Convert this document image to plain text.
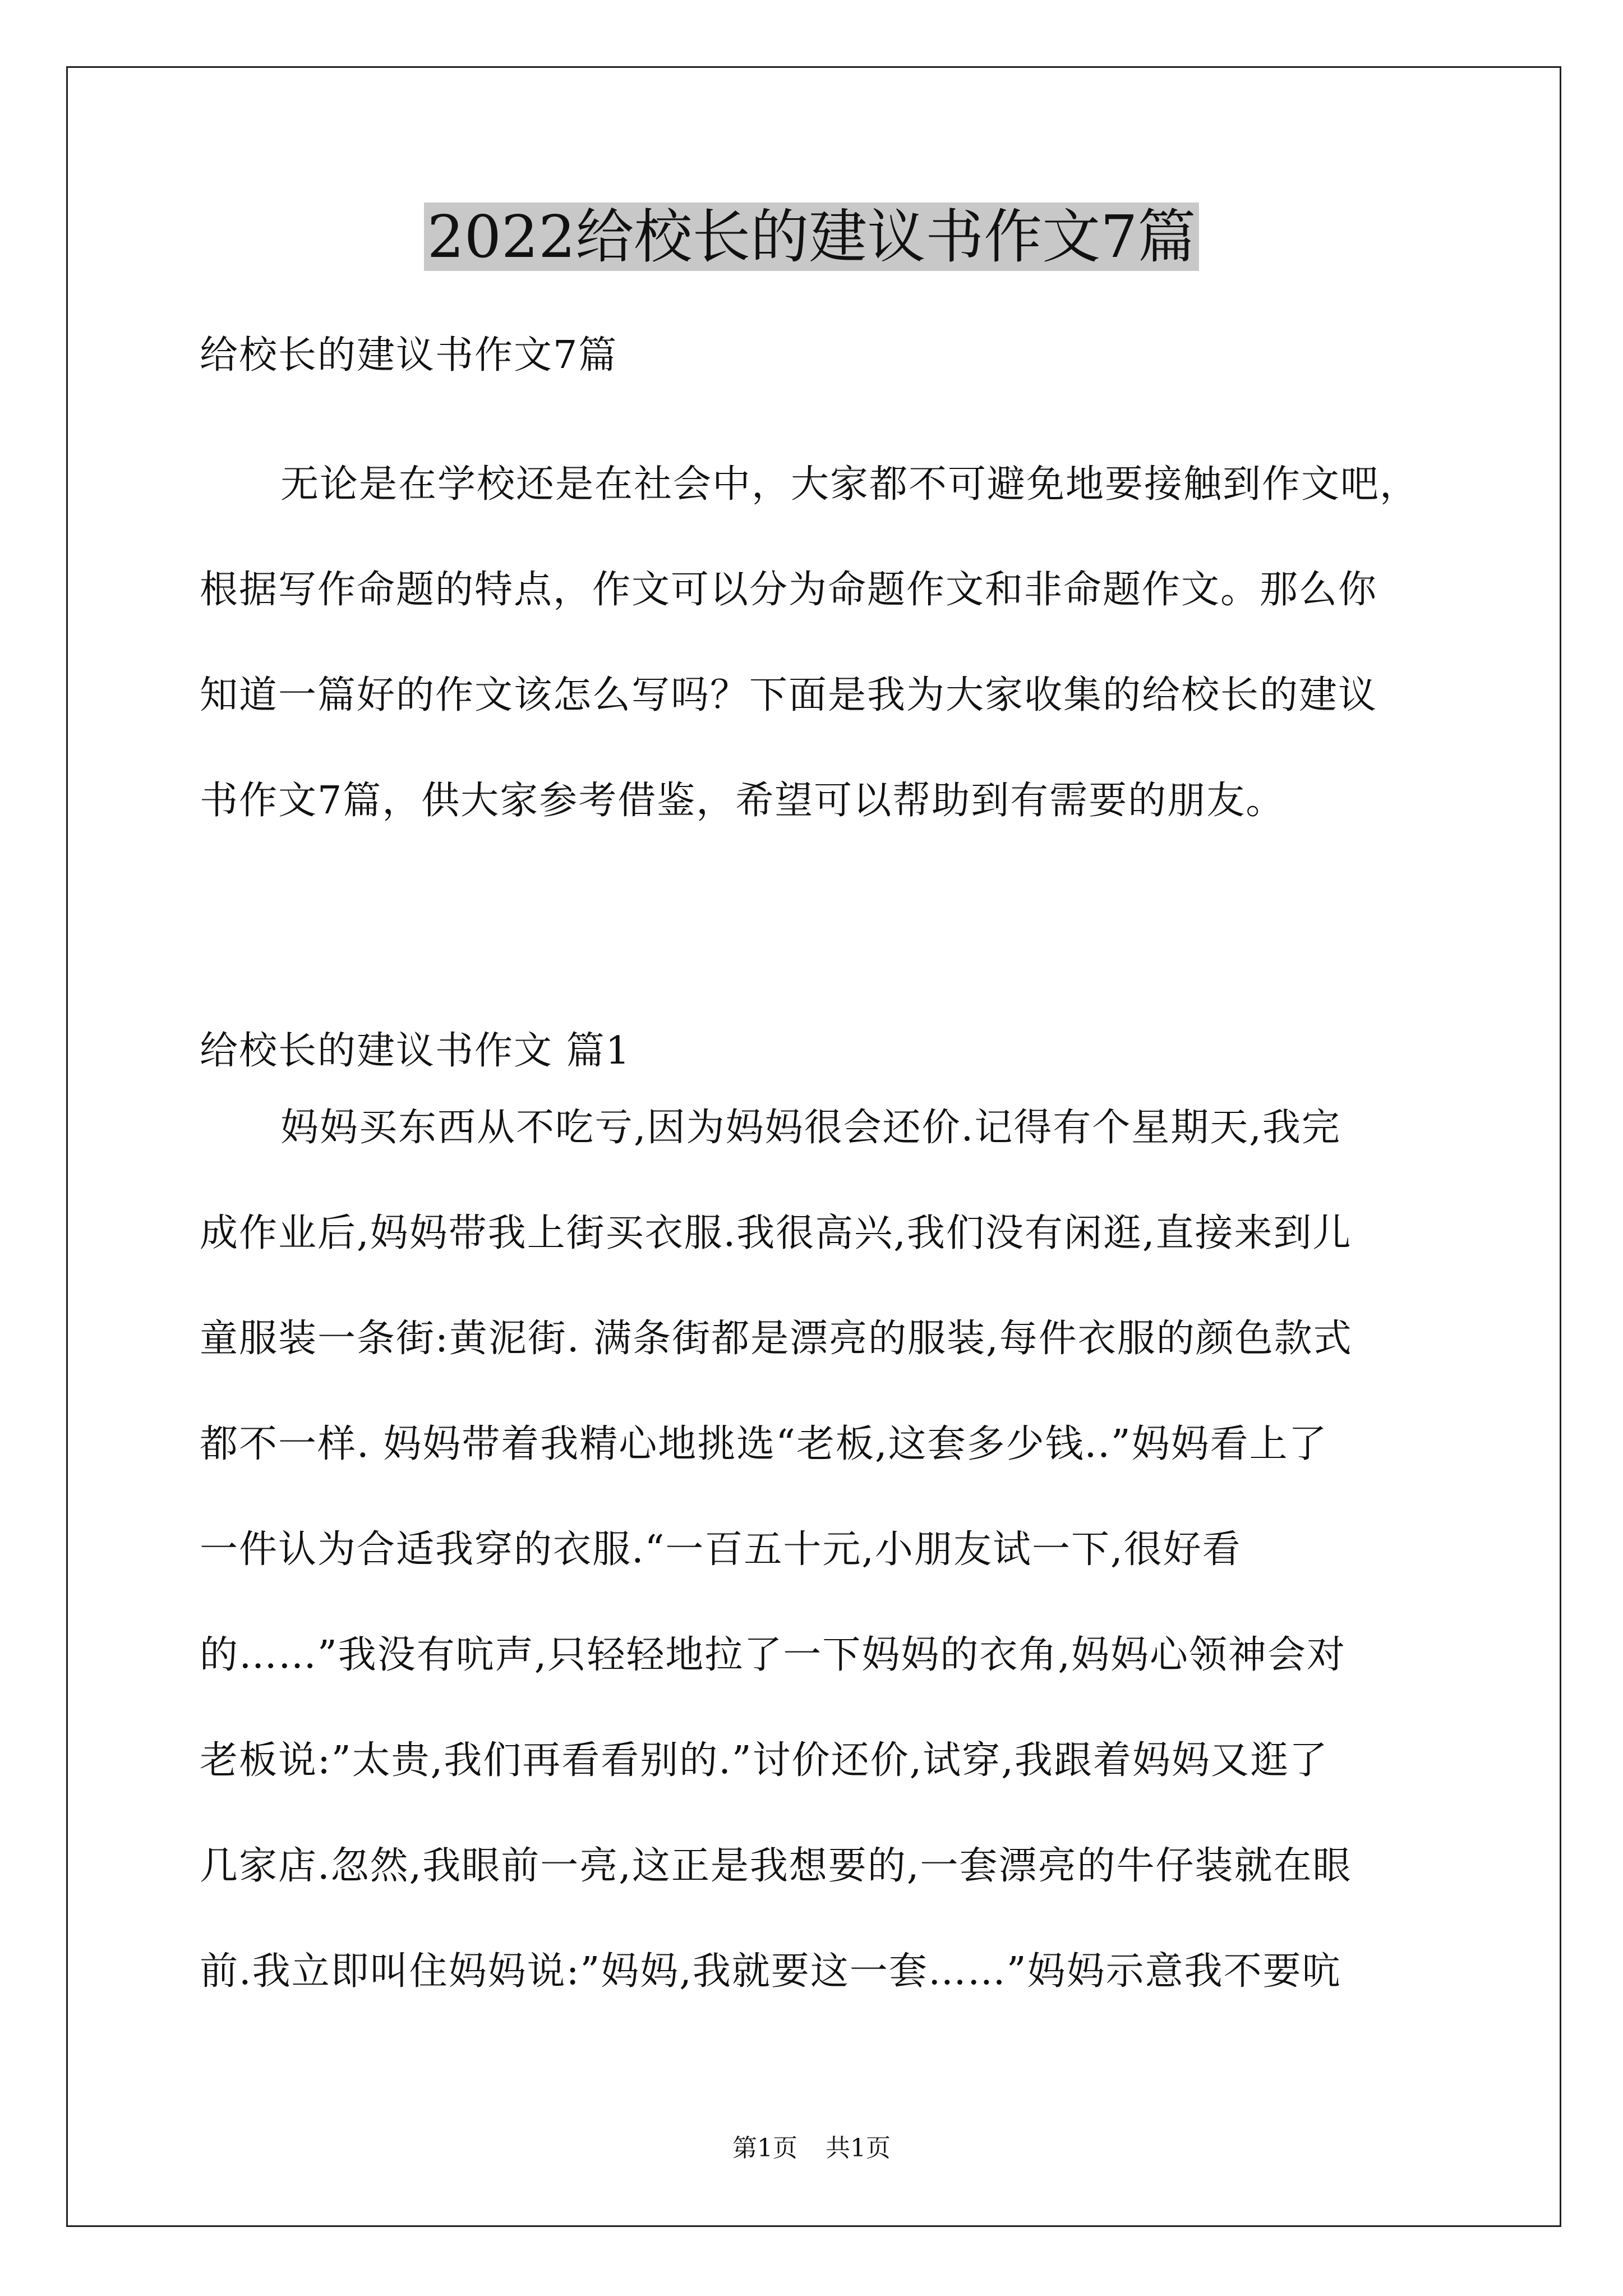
2022给校长的建议书作文7篇

给校长的建议书作文7篇

无论是在学校还是在社会中，大家都不可避免地要接触到作文吧，
根据写作命题的特点，作文可以分为命题作文和非命题作文。那么你
知道一篇好的作文该怎么写吗？下面是我为大家收集的给校长的建议
书作文7篇，供大家参考借鉴，希望可以帮助到有需要的朋友。

给校长的建议书作文 篇1

妈妈买东西从不吃亏,因为妈妈很会还价.记得有个星期天,我完
成作业后,妈妈带我上街买衣服.我很高兴,我们没有闲逛,直接来到儿
童服装一条街:黄泥街. 满条街都是漂亮的服装,每件衣服的颜色款式
都不一样. 妈妈带着我精心地挑选“老板,这套多少钱..”妈妈看上了
一件认为合适我穿的衣服.“一百五十元,小朋友试一下,很好看
的……”我没有吭声,只轻轻地拉了一下妈妈的衣角,妈妈心领神会对
老板说:”太贵,我们再看看别的.”讨价还价,试穿,我跟着妈妈又逛了
几家店.忽然,我眼前一亮,这正是我想要的,一套漂亮的牛仔装就在眼
前.我立即叫住妈妈说:”妈妈,我就要这一套……”妈妈示意我不要吭
第1页 共1页
